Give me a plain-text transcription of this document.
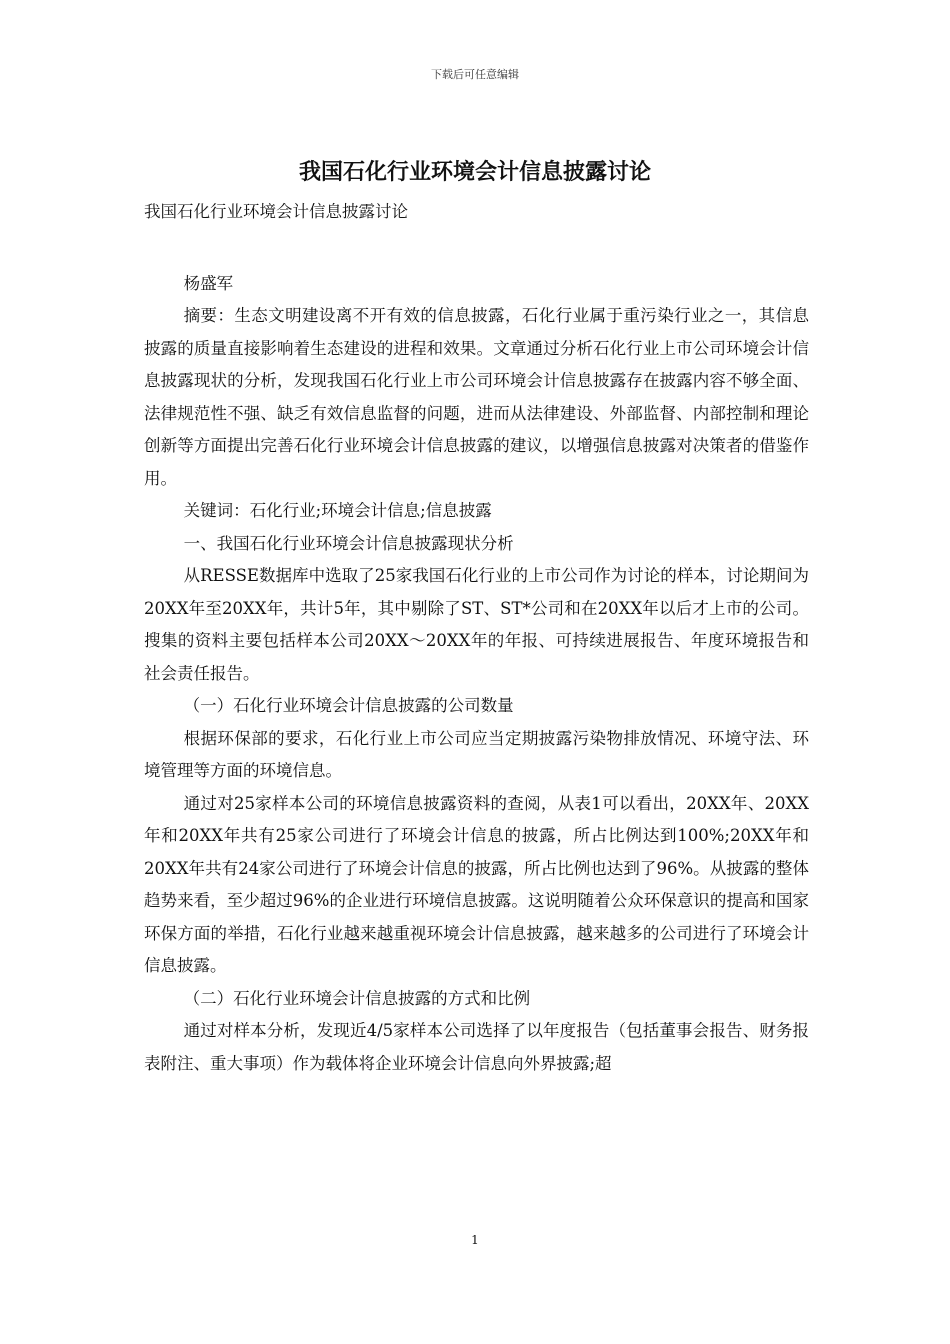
下载后可任意编辑
我国石化行业环境会计信息披露讨论

我国石化行业环境会计信息披露讨论

杨盛军

摘要：生态文明建设离不开有效的信息披露，石化行业属于重污染行业之一，其信息披露的质量直接影响着生态建设的进程和效果。文章通过分析石化行业上市公司环境会计信息披露现状的分析，发现我国石化行业上市公司环境会计信息披露存在披露内容不够全面、法律规范性不强、缺乏有效信息监督的问题，进而从法律建设、外部监督、内部控制和理论创新等方面提出完善石化行业环境会计信息披露的建议，以增强信息披露对决策者的借鉴作用。

关键词：石化行业;环境会计信息;信息披露

一、我国石化行业环境会计信息披露现状分析

从RESSE数据库中选取了25家我国石化行业的上市公司作为讨论的样本，讨论期间为20XX年至20XX年，共计5年，其中剔除了ST、ST*公司和在20XX年以后才上市的公司。搜集的资料主要包括样本公司20XX～20XX年的年报、可持续进展报告、年度环境报告和社会责任报告。

（一）石化行业环境会计信息披露的公司数量

根据环保部的要求，石化行业上市公司应当定期披露污染物排放情况、环境守法、环境管理等方面的环境信息。

通过对25家样本公司的环境信息披露资料的查阅，从表1可以看出，20XX年、20XX年和20XX年共有25家公司进行了环境会计信息的披露，所占比例达到100%;20XX年和20XX年共有24家公司进行了环境会计信息的披露，所占比例也达到了96%。从披露的整体趋势来看，至少超过96%的企业进行环境信息披露。这说明随着公众环保意识的提高和国家环保方面的举措，石化行业越来越重视环境会计信息披露，越来越多的公司进行了环境会计信息披露。

（二）石化行业环境会计信息披露的方式和比例

通过对样本分析，发现近4/5家样本公司选择了以年度报告（包括董事会报告、财务报表附注、重大事项）作为载体将企业环境会计信息向外界披露;超

1
